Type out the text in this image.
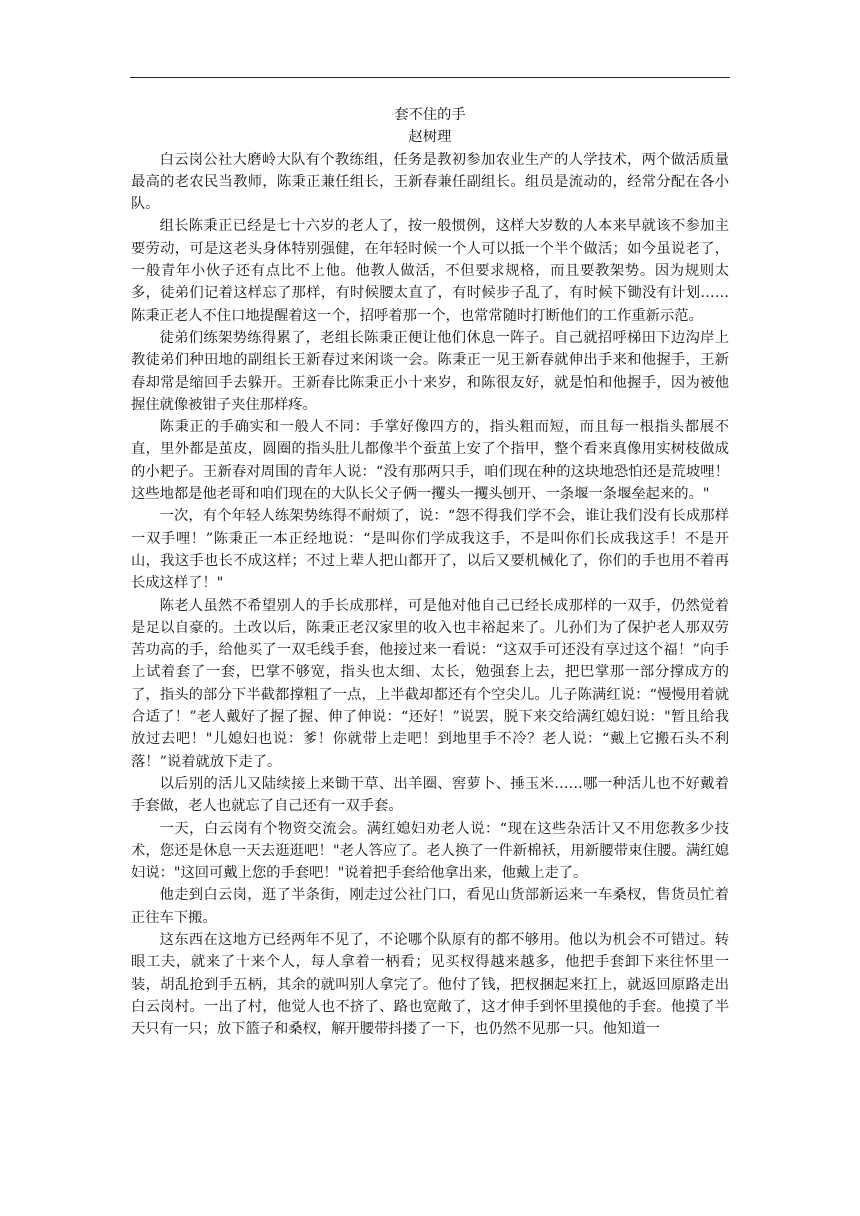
套不住的手

赵树理

白云岗公社大磨岭大队有个教练组，任务是教初参加农业生产的人学技术，两个做活质量最高的老农民当教师，陈秉正兼任组长，王新春兼任副组长。组员是流动的，经常分配在各小队。

组长陈秉正已经是七十六岁的老人了，按一般惯例，这样大岁数的人本来早就该不参加主要劳动，可是这老头身体特别强健，在年轻时候一个人可以抵一个半个做活；如今虽说老了，一般青年小伙子还有点比不上他。他教人做活，不但要求规格，而且要教架势。因为规则太多，徒弟们记着这样忘了那样，有时候腰太直了，有时候步子乱了，有时候下锄没有计划……陈秉正老人不住口地提醒着这一个，招呼着那一个，也常常随时打断他们的工作重新示范。

徒弟们练架势练得累了，老组长陈秉正便让他们休息一阵子。自己就招呼梯田下边沟岸上教徒弟们种田地的副组长王新春过来闲谈一会。陈秉正一见王新春就伸出手来和他握手，王新春却常是缩回手去躲开。王新春比陈秉正小十来岁，和陈很友好，就是怕和他握手，因为被他握住就像被钳子夹住那样疼。

陈秉正的手确实和一般人不同：手掌好像四方的，指头粗而短，而且每一根指头都展不直，里外都是茧皮，圆圈的指头肚儿都像半个蚕茧上安了个指甲，整个看来真像用实树枝做成的小耙子。王新春对周围的青年人说：“没有那两只手，咱们现在种的这块地恐怕还是荒坡哩！这些地都是他老哥和咱们现在的大队长父子俩一攫头一攫头刨开、一条堰一条堰垒起来的。"

一次，有个年轻人练架势练得不耐烦了，说：“怨不得我们学不会，谁让我们没有长成那样一双手哩！”陈秉正一本正经地说：“是叫你们学成我这手，不是叫你们长成我这手！不是开山，我这手也长不成这样；不过上辈人把山都开了，以后又要机械化了，你们的手也用不着再长成这样了！"

陈老人虽然不希望别人的手长成那样，可是他对他自己已经长成那样的一双手，仍然觉着是足以自豪的。土改以后，陈秉正老汉家里的收入也丰裕起来了。儿孙们为了保护老人那双劳苦功高的手，给他买了一双毛线手套，他接过来一看说：“这双手可还没有享过这个福！”向手上试着套了一套，巴掌不够宽，指头也太细、太长，勉强套上去，把巴掌那一部分撑成方的了，指头的部分下半截都撑粗了一点，上半截却都还有个空尖儿。儿子陈满红说：“慢慢用着就合适了！”老人戴好了握了握、伸了伸说：“还好！”说罢，脱下来交给满红媳妇说："暂且给我放过去吧！"儿媳妇也说：爹！你就带上走吧！到地里手不冷？老人说：“戴上它搬石头不利落！”说着就放下走了。

以后别的活儿又陆续接上来锄干草、出羊圈、窖萝卜、捶玉米……哪一种活儿也不好戴着手套做，老人也就忘了自己还有一双手套。

一天，白云岗有个物资交流会。满红媳妇劝老人说：“现在这些杂活计又不用您教多少技术，您还是休息一天去逛逛吧！"老人答应了。老人换了一件新棉袄，用新腰带束住腰。满红媳妇说："这回可戴上您的手套吧！"说着把手套给他拿出来，他戴上走了。

他走到白云岗，逛了半条街，刚走过公社门口，看见山货部新运来一车桑杈，售货员忙着正往车下搬。

这东西在这地方已经两年不见了，不论哪个队原有的都不够用。他以为机会不可错过。转眼工夫，就来了十来个人，每人拿着一柄看；见买杈得越来越多，他把手套卸下来往怀里一装，胡乱抢到手五柄，其余的就叫别人拿完了。他付了钱，把杈捆起来扛上，就返回原路走出白云岗村。一出了村，他觉人也不挤了、路也宽敞了，这才伸手到怀里摸他的手套。他摸了半天只有一只；放下篮子和桑杈，解开腰带抖搂了一下，也仍然不见那一只。他知道一
